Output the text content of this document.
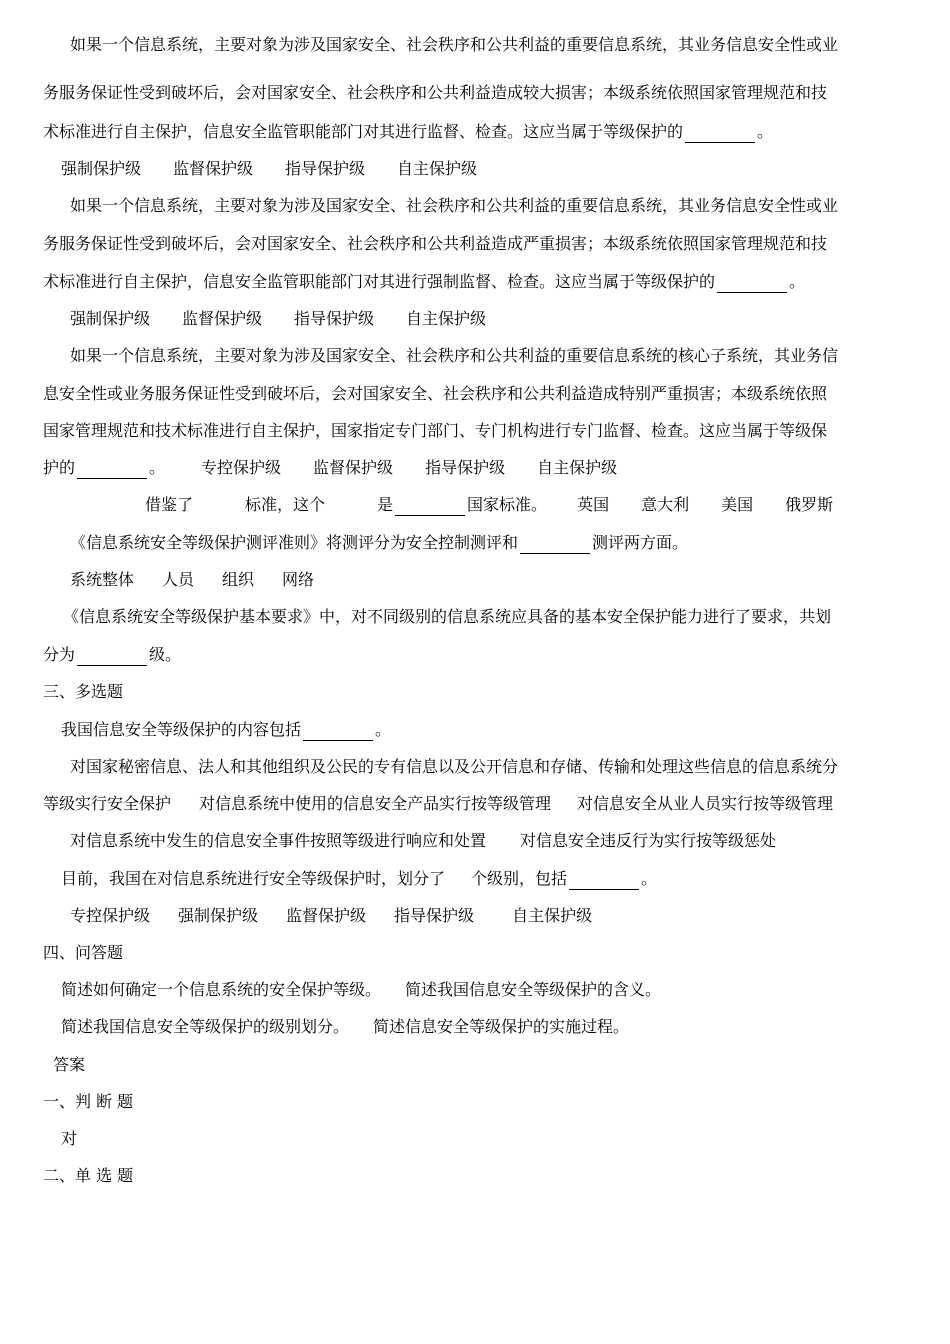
如果一个信息系统，主要对象为涉及国家安全、社会秩序和公共利益的重要信息系统，其业务信息安全性或业
务服务保证性受到破坏后，会对国家安全、社会秩序和公共利益造成较大损害；本级系统依照国家管理规范和技
术标准进行自主保护，信息安全监管职能部门对其进行监督、检查。这应当属于等级保护的	。
强制保护级 监督保护级 指导保护级 自主保护级
如果一个信息系统，主要对象为涉及国家安全、社会秩序和公共利益的重要信息系统，其业务信息安全性或业
务服务保证性受到破坏后，会对国家安全、社会秩序和公共利益造成严重损害；本级系统依照国家管理规范和技
术标准进行自主保护，信息安全监管职能部门对其进行强制监督、检查。这应当属于等级保护的	。
强制保护级 监督保护级 指导保护级 自主保护级
如果一个信息系统，主要对象为涉及国家安全、社会秩序和公共利益的重要信息系统的核心子系统，其业务信
息安全性或业务服务保证性受到破坏后，会对国家安全、社会秩序和公共利益造成特别严重损害；本级系统依照
国家管理规范和技术标准进行自主保护，国家指定专门部门、专门机构进行专门监督、检查。这应当属于等级保
护的	。 专控保护级 监督保护级 指导保护级 自主保护级
借鉴了	标准，这个	是	国家标准。 英国 意大利 美国 俄罗斯
《信息系统安全等级保护测评准则》将测评分为安全控制测评和	测评两方面。
系统整体 人员 组织 网络
《信息系统安全等级保护基本要求》中，对不同级别的信息系统应具备的基本安全保护能力进行了要求，共划
分为	级。
三、多选题
我国信息安全等级保护的内容包括	。
对国家秘密信息、法人和其他组织及公民的专有信息以及公开信息和存储、传输和处理这些信息的信息系统分
等级实行安全保护 对信息系统中使用的信息安全产品实行按等级管理 对信息安全从业人员实行按等级管理
对信息系统中发生的信息安全事件按照等级进行响应和处置 对信息安全违反行为实行按等级惩处
目前，我国在对信息系统进行安全等级保护时，划分了 个级别，包括	。
专控保护级 强制保护级 监督保护级 指导保护级 自主保护级
四、问答题
简述如何确定一个信息系统的安全保护等级。 简述我国信息安全等级保护的含义。
简述我国信息安全等级保护的级别划分。 简述信息安全等级保护的实施过程。
答案
一、判 断 题
对
二、单 选 题
